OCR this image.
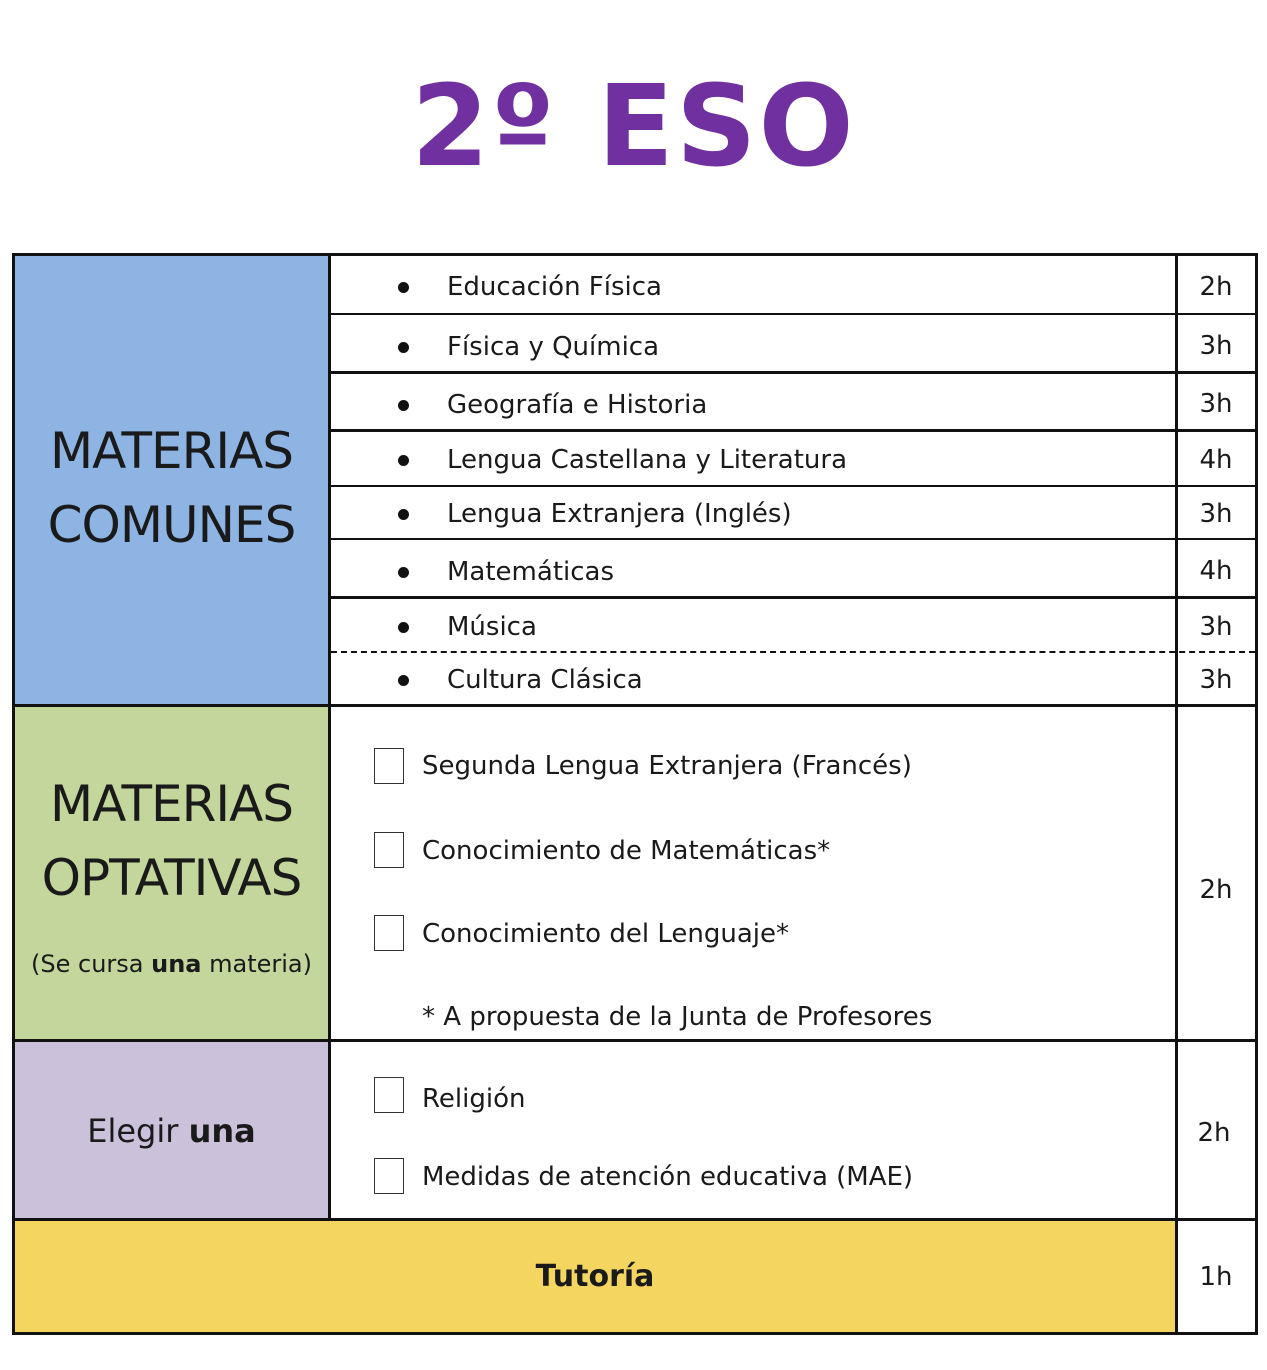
2º ESO
MATERIAS
COMUNES
Educación Física	2h
Física y Química	3h
Geografía e Historia	3h
Lengua Castellana y Literatura	4h
Lengua Extranjera (Inglés)	3h
Matemáticas	4h
Música	3h
Cultura Clásica	3h
MATERIAS
OPTATIVAS
(Se cursa una materia)
Segunda Lengua Extranjera (Francés)
Conocimiento de Matemáticas*
Conocimiento del Lenguaje*
* A propuesta de la Junta de Profesores
2h
Elegir una
Religión
Medidas de atención educativa (MAE)
2h
Tutoría	1h
